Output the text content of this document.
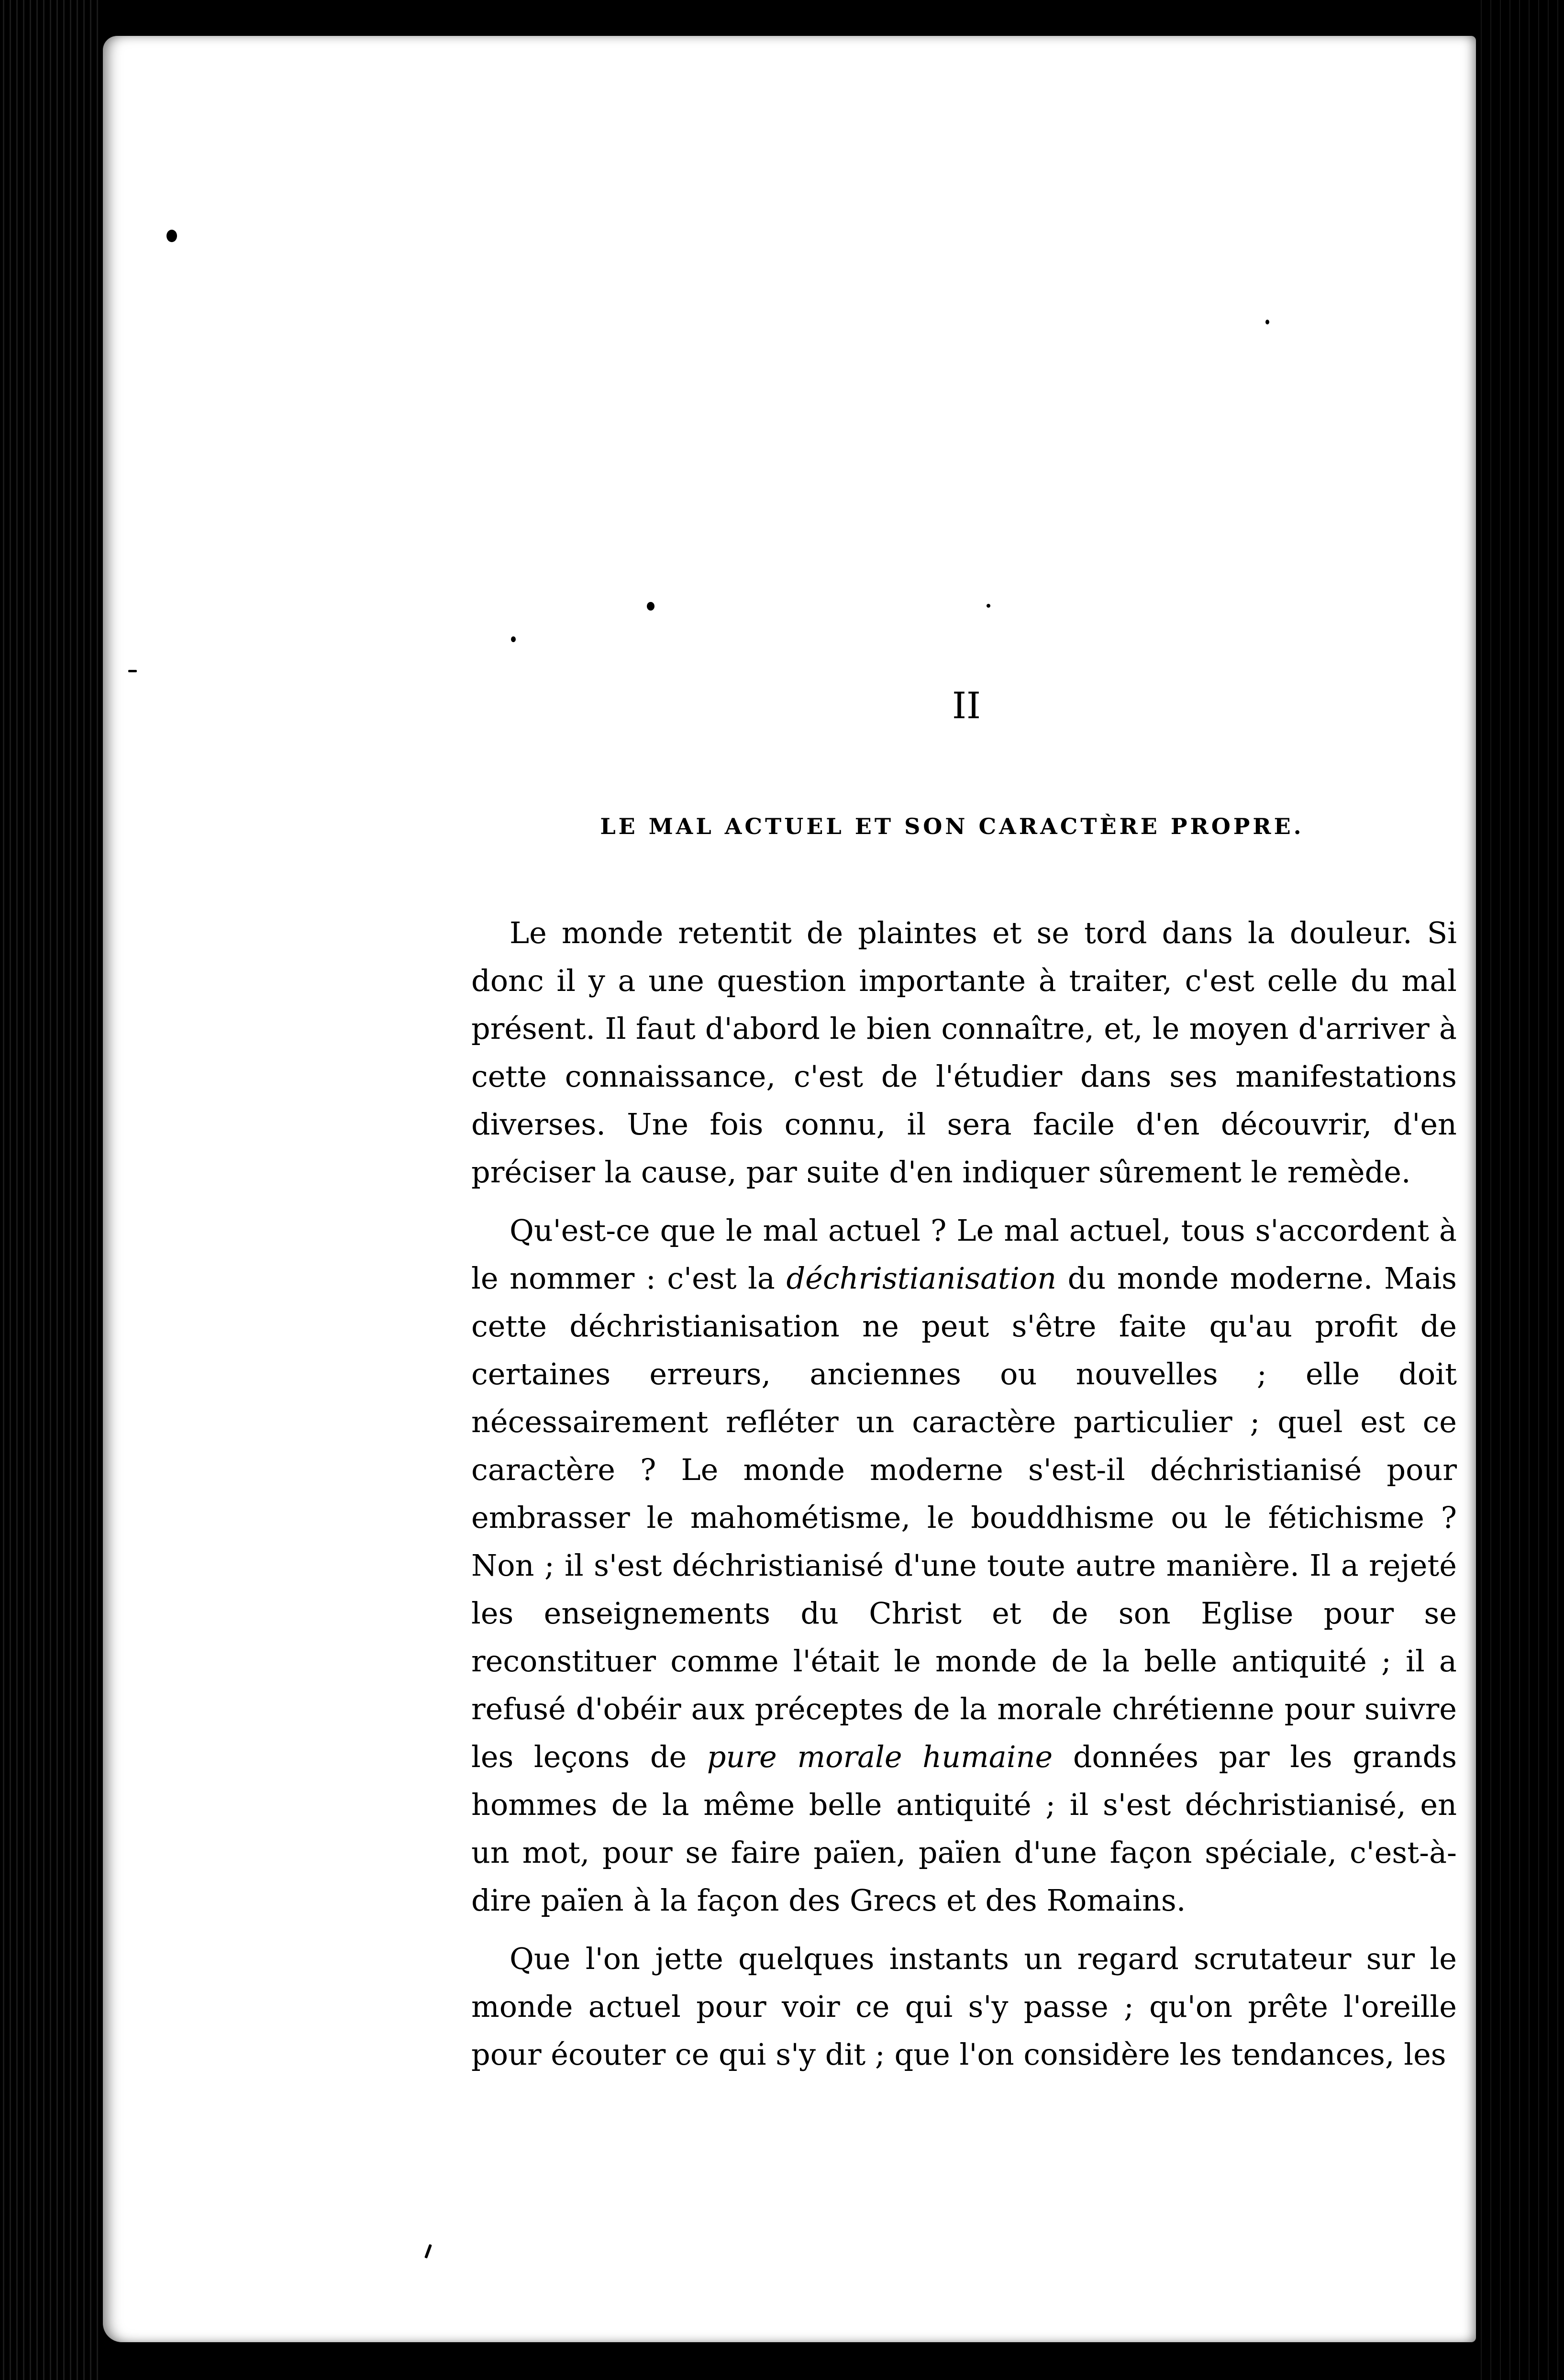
II
LE MAL ACTUEL ET SON CARACTÈRE PROPRE.

Le monde retentit de plaintes et se tord dans la douleur. Si donc il y a une question importante à traiter, c'est celle du mal présent. Il faut d'abord le bien connaître, et, le moyen d'arriver à cette connaissance, c'est de l'étudier dans ses manifestations diverses. Une fois connu, il sera facile d'en découvrir, d'en préciser la cause, par suite d'en indiquer sûrement le remède.

Qu'est-ce que le mal actuel ? Le mal actuel, tous s'accordent à le nommer : c'est la déchristianisation du monde moderne. Mais cette déchristianisation ne peut s'être faite qu'au profit de certaines erreurs, anciennes ou nouvelles ; elle doit nécessairement refléter un caractère particulier ; quel est ce caractère ? Le monde moderne s'est-il déchristianisé pour embrasser le mahométisme, le bouddhisme ou le fétichisme ? Non ; il s'est déchristianisé d'une toute autre manière. Il a rejeté les enseignements du Christ et de son Eglise pour se reconstituer comme l'était le monde de la belle antiquité ; il a refusé d'obéir aux préceptes de la morale chrétienne pour suivre les leçons de pure morale humaine données par les grands hommes de la même belle antiquité ; il s'est déchristianisé, en un mot, pour se faire païen, païen d'une façon spéciale, c'est-à-dire païen à la façon des Grecs et des Romains.

Que l'on jette quelques instants un regard scrutateur sur le monde actuel pour voir ce qui s'y passe ; qu'on prête l'oreille pour écouter ce qui s'y dit ; que l'on considère les tendances, les
